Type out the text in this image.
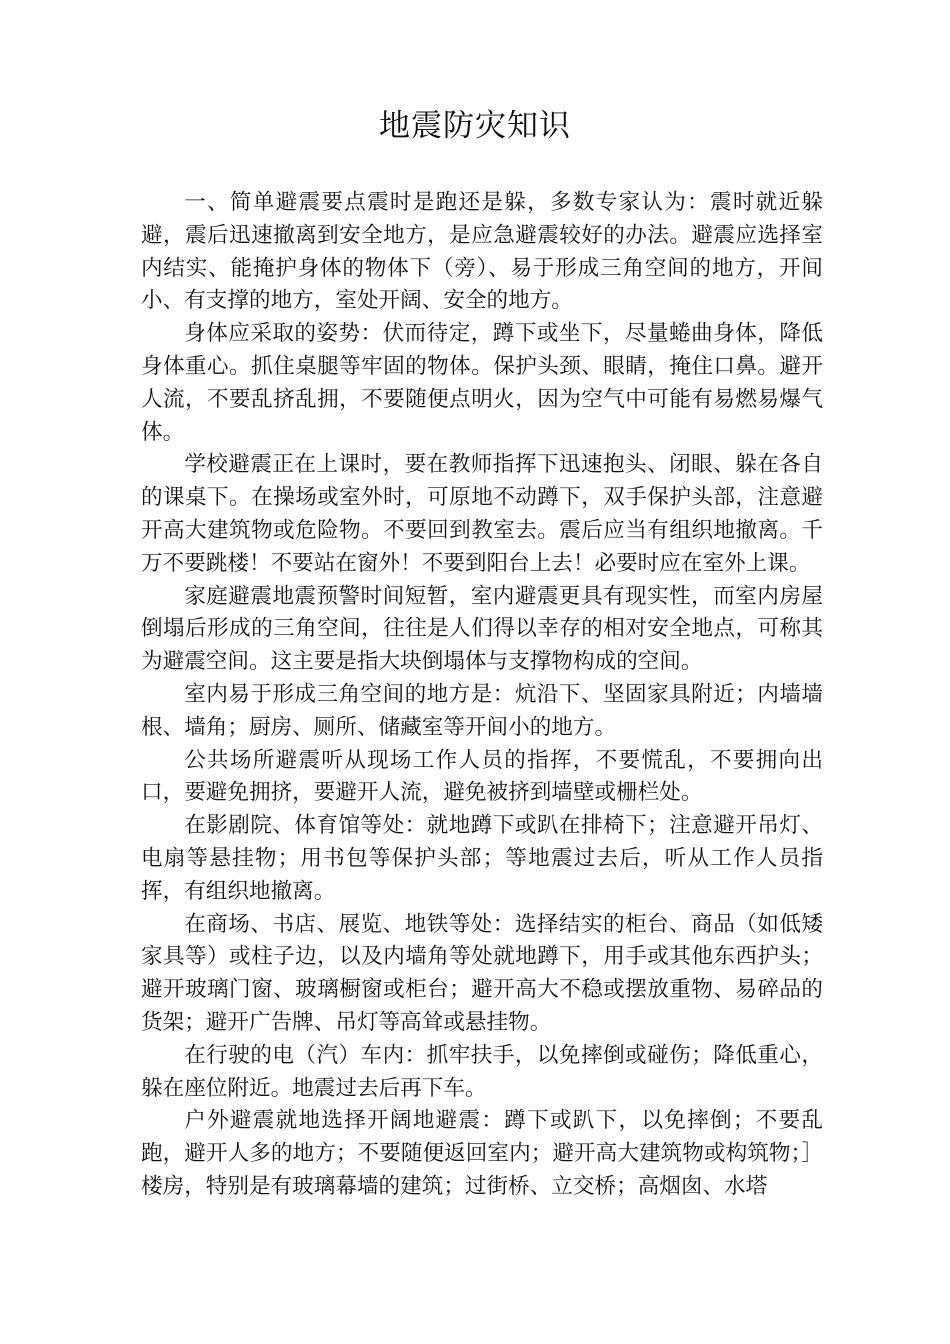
地震防灾知识

一、简单避震要点震时是跑还是躲，多数专家认为：震时就近躲避，震后迅速撤离到安全地方，是应急避震较好的办法。避震应选择室内结实、能掩护身体的物体下（旁）、易于形成三角空间的地方，开间小、有支撑的地方，室处开阔、安全的地方。

身体应采取的姿势：伏而待定，蹲下或坐下，尽量蜷曲身体，降低身体重心。抓住桌腿等牢固的物体。保护头颈、眼睛，掩住口鼻。避开人流，不要乱挤乱拥，不要随便点明火，因为空气中可能有易燃易爆气体。

学校避震正在上课时，要在教师指挥下迅速抱头、闭眼、躲在各自的课桌下。在操场或室外时，可原地不动蹲下，双手保护头部，注意避开高大建筑物或危险物。不要回到教室去。震后应当有组织地撤离。千万不要跳楼！不要站在窗外！不要到阳台上去！必要时应在室外上课。

家庭避震地震预警时间短暂，室内避震更具有现实性，而室内房屋倒塌后形成的三角空间，往往是人们得以幸存的相对安全地点，可称其为避震空间。这主要是指大块倒塌体与支撑物构成的空间。

室内易于形成三角空间的地方是：炕沿下、坚固家具附近；内墙墙根、墙角；厨房、厕所、储藏室等开间小的地方。

公共场所避震听从现场工作人员的指挥，不要慌乱，不要拥向出口，要避免拥挤，要避开人流，避免被挤到墙壁或栅栏处。

在影剧院、体育馆等处：就地蹲下或趴在排椅下；注意避开吊灯、电扇等悬挂物；用书包等保护头部；等地震过去后，听从工作人员指挥，有组织地撤离。

在商场、书店、展览、地铁等处：选择结实的柜台、商品（如低矮家具等）或柱子边，以及内墙角等处就地蹲下，用手或其他东西护头；避开玻璃门窗、玻璃橱窗或柜台；避开高大不稳或摆放重物、易碎品的货架；避开广告牌、吊灯等高耸或悬挂物。

在行驶的电（汽）车内：抓牢扶手，以免摔倒或碰伤；降低重心，躲在座位附近。地震过去后再下车。

户外避震就地选择开阔地避震：蹲下或趴下，以免摔倒；不要乱跑，避开人多的地方；不要随便返回室内；避开高大建筑物或构筑物；］楼房，特别是有玻璃幕墙的建筑；过街桥、立交桥；高烟囱、水塔
